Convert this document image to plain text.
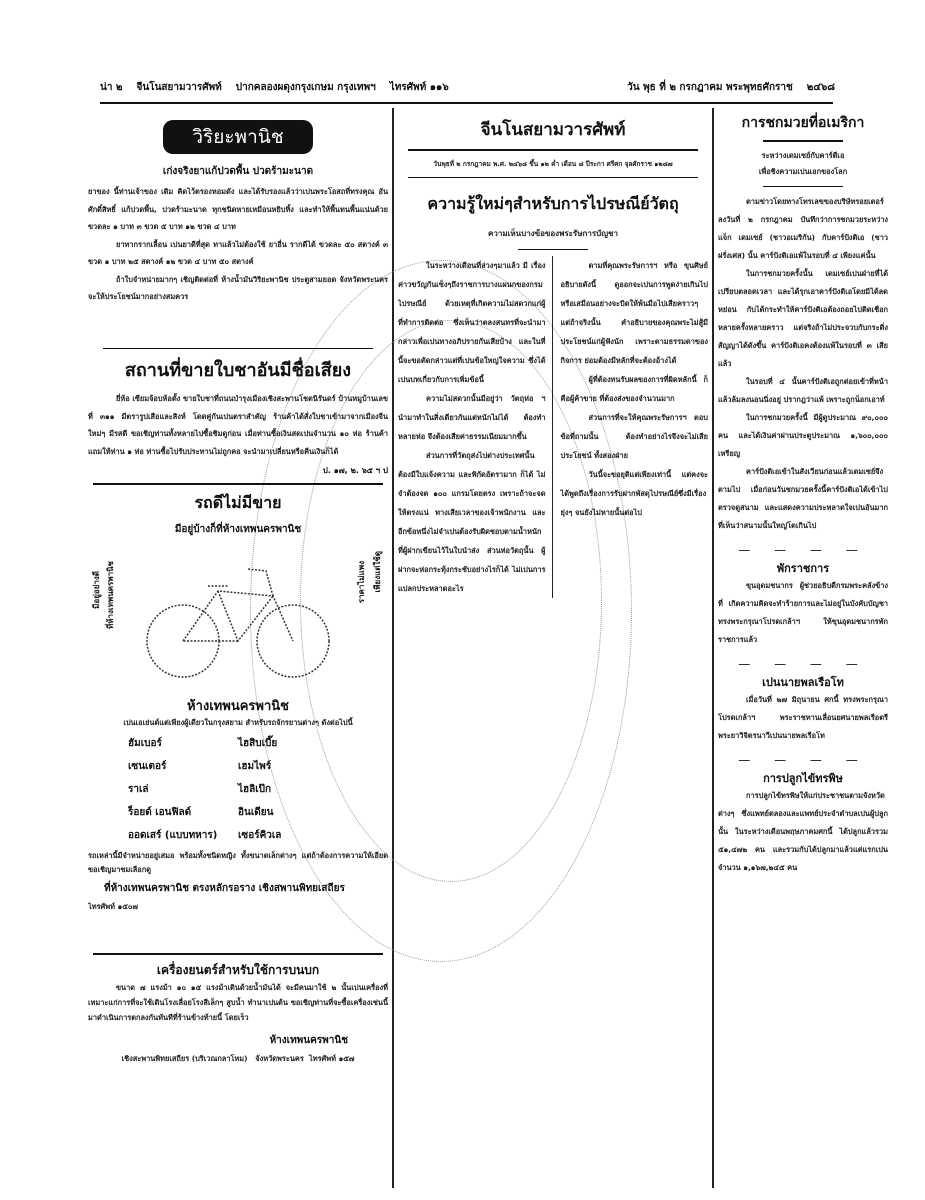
น่า ๒ จีนโนสยามวารศัพท์ ปากคลองผดุงกรุงเกษม กรุงเทพฯ ไทรศัพท์ ๑๑๖	วัน พุธ ที่ ๒ กรกฎาคม พระพุทธศักราช ๒๔๖๘
วิริยะพานิช
เก่งจริงยาแก้ปวดพื้น ปวดร้ามะนาด

ยาของ นี้ท่านเจ้าของ เดิม คิดไว้ตรองหอมดัง และได้รับรองแล้วว่าเปนพระโอสถที่ทรงคุณ อันศักดิ์สิทธิ์ แก้ปวดพื้น, ปวดร้ามะนาด ทุกชนิดหายเหมือนหยิบทิ้ง และทำให้พื้นทนพื้นแน่นด้วย ขวดละ ๑ บาท ๓ ขวด ๕ บาท ๑๒ ขวด ๔ บาท

ยาทากรากเลื้อน เปนยาดีที่สุด ทาแล้วไม่ต้องใช้ ยาอื่น รากดีได้ ขวดละ ๕๐ สตางค์ ๓ ขวด ๑ บาท ๒๕ สตางค์ ๑๒ ขวด ๔ บาท ๕๐ สตางค์

ถ้าใบจำหน่ายมากๆ เชิญติดต่อที่ ห้างน้ำมันวิริยะพานิช ประตูสามยอด จังหวัดพระนคร จะให้ประโยชน์มากอย่างสมควร

สถานที่ขายใบชาอันมีชื่อเสียง

ยี่ห้อ เซียมจ้อบห้อตั้ง ขายใบชาที่ถนนบำรุงเมืองเชิงสะพานโชตนิรันดร์ บ้านหมูบ้านเลขที่ ๓๑๑ มีตรารูปเสือและสิงห์ โดดคู่กันเปนตราสำคัญ ร้านค้าได้สั่งใบชาเข้ามาจากเมืองจีน ใหม่ๆ มีรสดี ขอเชิญท่านทั้งหลายไปซื้อชิมดูก่อน เมื่อท่านซื้อเงินสดเปนจำนวน ๑๐ ห่อ ร้านค้าแถมให้ท่าน ๑ ห่อ ท่านซื้อไปรับประทานไม่ถูกคอ จะนำมาเปลี่ยนหรือคืนเงินก็ได้

ป. ๑๗, ๒. ๖๕ ฯ ป
รถดีไม่มีขาย
มีอยู่บ้างก็ที่ห้างเทพนครพานิช
มีอยู่อย่างดี ที่ห้างเทพนครพานิช	ราคาไม่แพง เพียงแต่ใช้ดู
ห้างเทพนครพานิช

เปนเอเย่นต์แต่เพียงผู้เดียวในกรุงสยาม สำหรับรถจักรยานต่างๆ ดังต่อไปนี้

ฮัมเบอร์	ไฮสิบเบี๊ย
เซนเตอร์	เฮมไพร์
ราเล่	ไฮลิเป๊ก
ร็อยด์ เอนฟิลด์	อินเดียน
ออดเสร์ (แบบทหาร)	เซอร์คิวเล

รถเหล่านี้มีจำหน่ายอยู่เสมอ พร้อมทั้งชนิดหญิง ทั้งขนาดเล็กต่างๆ แต่ถ้าต้องการความให้เอียด ขอเชิญมาชมเลือกดู

ที่ห้างเทพนครพานิช ตรงหลักรอราง เชิงสพานพิทยเสถียร
ไทรศัพท์ ๑๕๐๗
เครื่องยนตร์สำหรับใช้การบนบก

ขนาด ๗ แรงม้า ๑๐ ๑๕ แรงม้าเดินด้วยน้ำมันได้ จะมีคนมาใช้ ๒ นั้นเปนเครื่องที่เหมาะแก่การที่จะใช้เดินโรงเลื่อยโรงสีเล็กๆ สูบน้ำ ทำนาเปนต้น ขอเชิญท่านที่จะซื้อเครื่องเช่นนี้ มาดำเนินการตกลงกันทันทีที่ร้านข้างท้ายนี้ โดยเร็ว

ห้างเทพนครพานิช
เชิงสะพานพิทยเสถียร (บริเวณกลาโหม) จังหวัดพระนคร ไทรศัพท์ ๑๕๗
จีนโนสยามวารศัพท์
วันพุธที่ ๒ กรกฎาคม พ.ศ. ๒๔๖๘ ขึ้น ๑๒ ค่ำ เดือน ๘ ปีระกา ศรีศก จุลศักราช ๑๒๘๗
ความรู้ใหม่ๆสำหรับการไปรษณีย์วัตถุ
ความเห็นบางข้อของพระรัษการบัญชา

ในระหว่างเดือนที่ล่วงๆมาแล้ว มี เรื่องค่าวขวัญกันเซ็งๆถึงราชการบางแผนกของกรมไปรษณีย์ ด้วยเหตุที่เกิดความไม่สดวกแก่ผู้ที่ทำการติดต่อ ซึ่งเห็นว่าตลงสนทรที่จะนำมากล่าวเพื่อเปนทางอภิปรายกันเสียบ้าง และในที่นี้จะขอตัดกล่าวแต่ที่เปนข้อใหญ่ใจความ ซึ่งได้เปนบทเกี่ยวกับการเพิ่มข้อนี้

ความไม่สดวกนั้นมีอยู่ว่า วัตถุห่อ ฯ นำมาทำในสิ่งเดียวกันแต่หนักไม่ได้ ต้องทำหลายห่อ จึงต้องเสียค่าธรรมเนียมมากขึ้น

ส่วนการที่วัตถุส่งไปต่างประเทศนั้นต้องมีใบแจ้งความ และพิกัดอัตรามาก ก็ได้ ไม่จำต้องจด ๑๐๐ แกรมโดยตรง เพราะถ้าจะจดให้ตรงแน่ ทางเสียเวลาของเจ้าพนักงาน และอีกข้อหนึ่งไม่จำเปนต้องรับผิดชอบตามน้ำหนักที่ผู้ฝากเขียนไว้ในใบนำส่ง ส่วนห่อวัตถุนั้น ผู้ฝากจะห่อกระทุ้งกระชับอย่างไรก็ได้ ไม่เปนการแปลกประหลาดอะไร

ตามที่คุณพระรัษการฯ หรือ ขุนศิษย์อธิบายดังนี้ ดูออกจะเปนการพูดง่ายเกินไป หรือเสมือนอย่างจะบิดให้พ้นมือไปเสียคราวๆ แต่ถ้าจริงนั้น คำอธิบายของคุณพระไม่สู้มีประโยชน์แก่ผู้ฟังนัก เพราะตามธรรมดาของกิจการ ย่อมต้องมีหลักที่จะต้องอ้างได้

ผู้ที่ต้องทนรับผลของการที่ผิดหลักนี้ ก็คือผู้ค้าขาย ที่ต้องส่งของจำนวนมาก

ส่วนการที่จะให้คุณพระรัษการฯ ตอบข้อที่ถามนั้น ต้องทำอย่างไรจึงจะไม่เสียประโยชน์ ทั้งสองฝ่าย

วันนี้จะขอยุติแต่เพียงเท่านี้ แต่คงจะได้พูดถึงเรื่องการรับฝากพัสดุไปรษณีย์ซึ่งมีเรื่องยุ่งๆ จนยังไม่หายนั้นต่อไป

การชกมวยที่อเมริกา
ระหว่างเดมเซย์กับคาร์ตีเอ
เพื่อชิงความเปนเอกของโลก

ตามข่าวโดยทางโทรเลขของบริษัทรอยเตอร์ ลงวันที่ ๒ กรกฎาคม บันทึกว่าการชกมวยระหว่าง แจ็ก เดมเซย์ (ชาวอเมริกัน) กับคาร์ปังติเอ (ชาวฝรั่งเศส) นั้น คาร์ปังติเอแพ้ในรอบที่ ๔ เพียงแค่นั้น

ในการชกมวยครั้งนั้น เดมเซย์เปนฝ่ายที่ได้เปรียบตลอดเวลา และได้รุกเอาคาร์ปังติเอโดยมิได้ลดหย่อน กับได้กระทำให้คาร์ปังติเอต้องถอยไปติดเชือกหลายครั้งหลายคราว แต่จริงถ้าไม่ประจวบกับกระดิ่งสัญญาได้ดังขึ้น คาร์ปังติเอคงต้องแพ้ในรอบที่ ๓ เสียแล้ว

ในรอบที่ ๔ นั้นคาร์ปังติเอถูกต่อยเข้าที่หน้า แล้วล้มลงนอนนิ่งอยู่ ปรากฎว่าแพ้ เพราะถูกน็อกเอาท์

ในการชกมวยครั้งนี้ มีผู้ดูประมาณ ๙๐,๐๐๐ คน และได้เงินค่าผ่านประตูประมาณ ๑,๖๐๐,๐๐๐ เหรียญ

คาร์ปังติเอเข้าในสังเวียนก่อนแล้วเดมเซย์จึงตามไป เมื่อก่อนวันชกมวยครั้งนี้คาร์ปังติเอได้เข้าไปตรวจดูสนาม และแสดงความประหลาดใจเปนอันมาก ที่เห็นว่าสนามนั้นใหญ่โตเกินไป

— — — —
พักราชการ

ขุนอุดมชนากร ผู้ช่วยอธิบดีกรมพระคลังข้างที่ เกิดความคิดจะทำร้ายการและไม่อยู่ในบังคับบัญชา ทรงพระกรุณาโปรดเกล้าฯ ให้ขุนอุดมชนากรพักราชการแล้ว

— — — —
เปนนายพลเรือโท

เมื่อวันที่ ๒๗ มิถุนายน ศกนี้ ทรงพระกรุณาโปรดเกล้าฯ พระราชทานเลื่อนยศนายพลเรือตรี พระยาวิจิตรนาวีเปนนายพลเรือโท

— — — —
การปลูกไข้ทรพิษ

การปลูกไข้ทรพิษให้แก่ประชาชนตามจังหวัดต่างๆ ซึ่งแพทย์ตลองและแพทย์ประจำตำบลเปนผู้ปลูกนั้น ในระหว่างเดือนพฤษภาคมศกนี้ ได้ปลูกแล้วรวม ๕๑,๔๗๒ คน และรวมกับได้ปลูกมาแล้วแต่แรกเปนจำนวน ๑,๑๖๗,๒๔๕ คน
